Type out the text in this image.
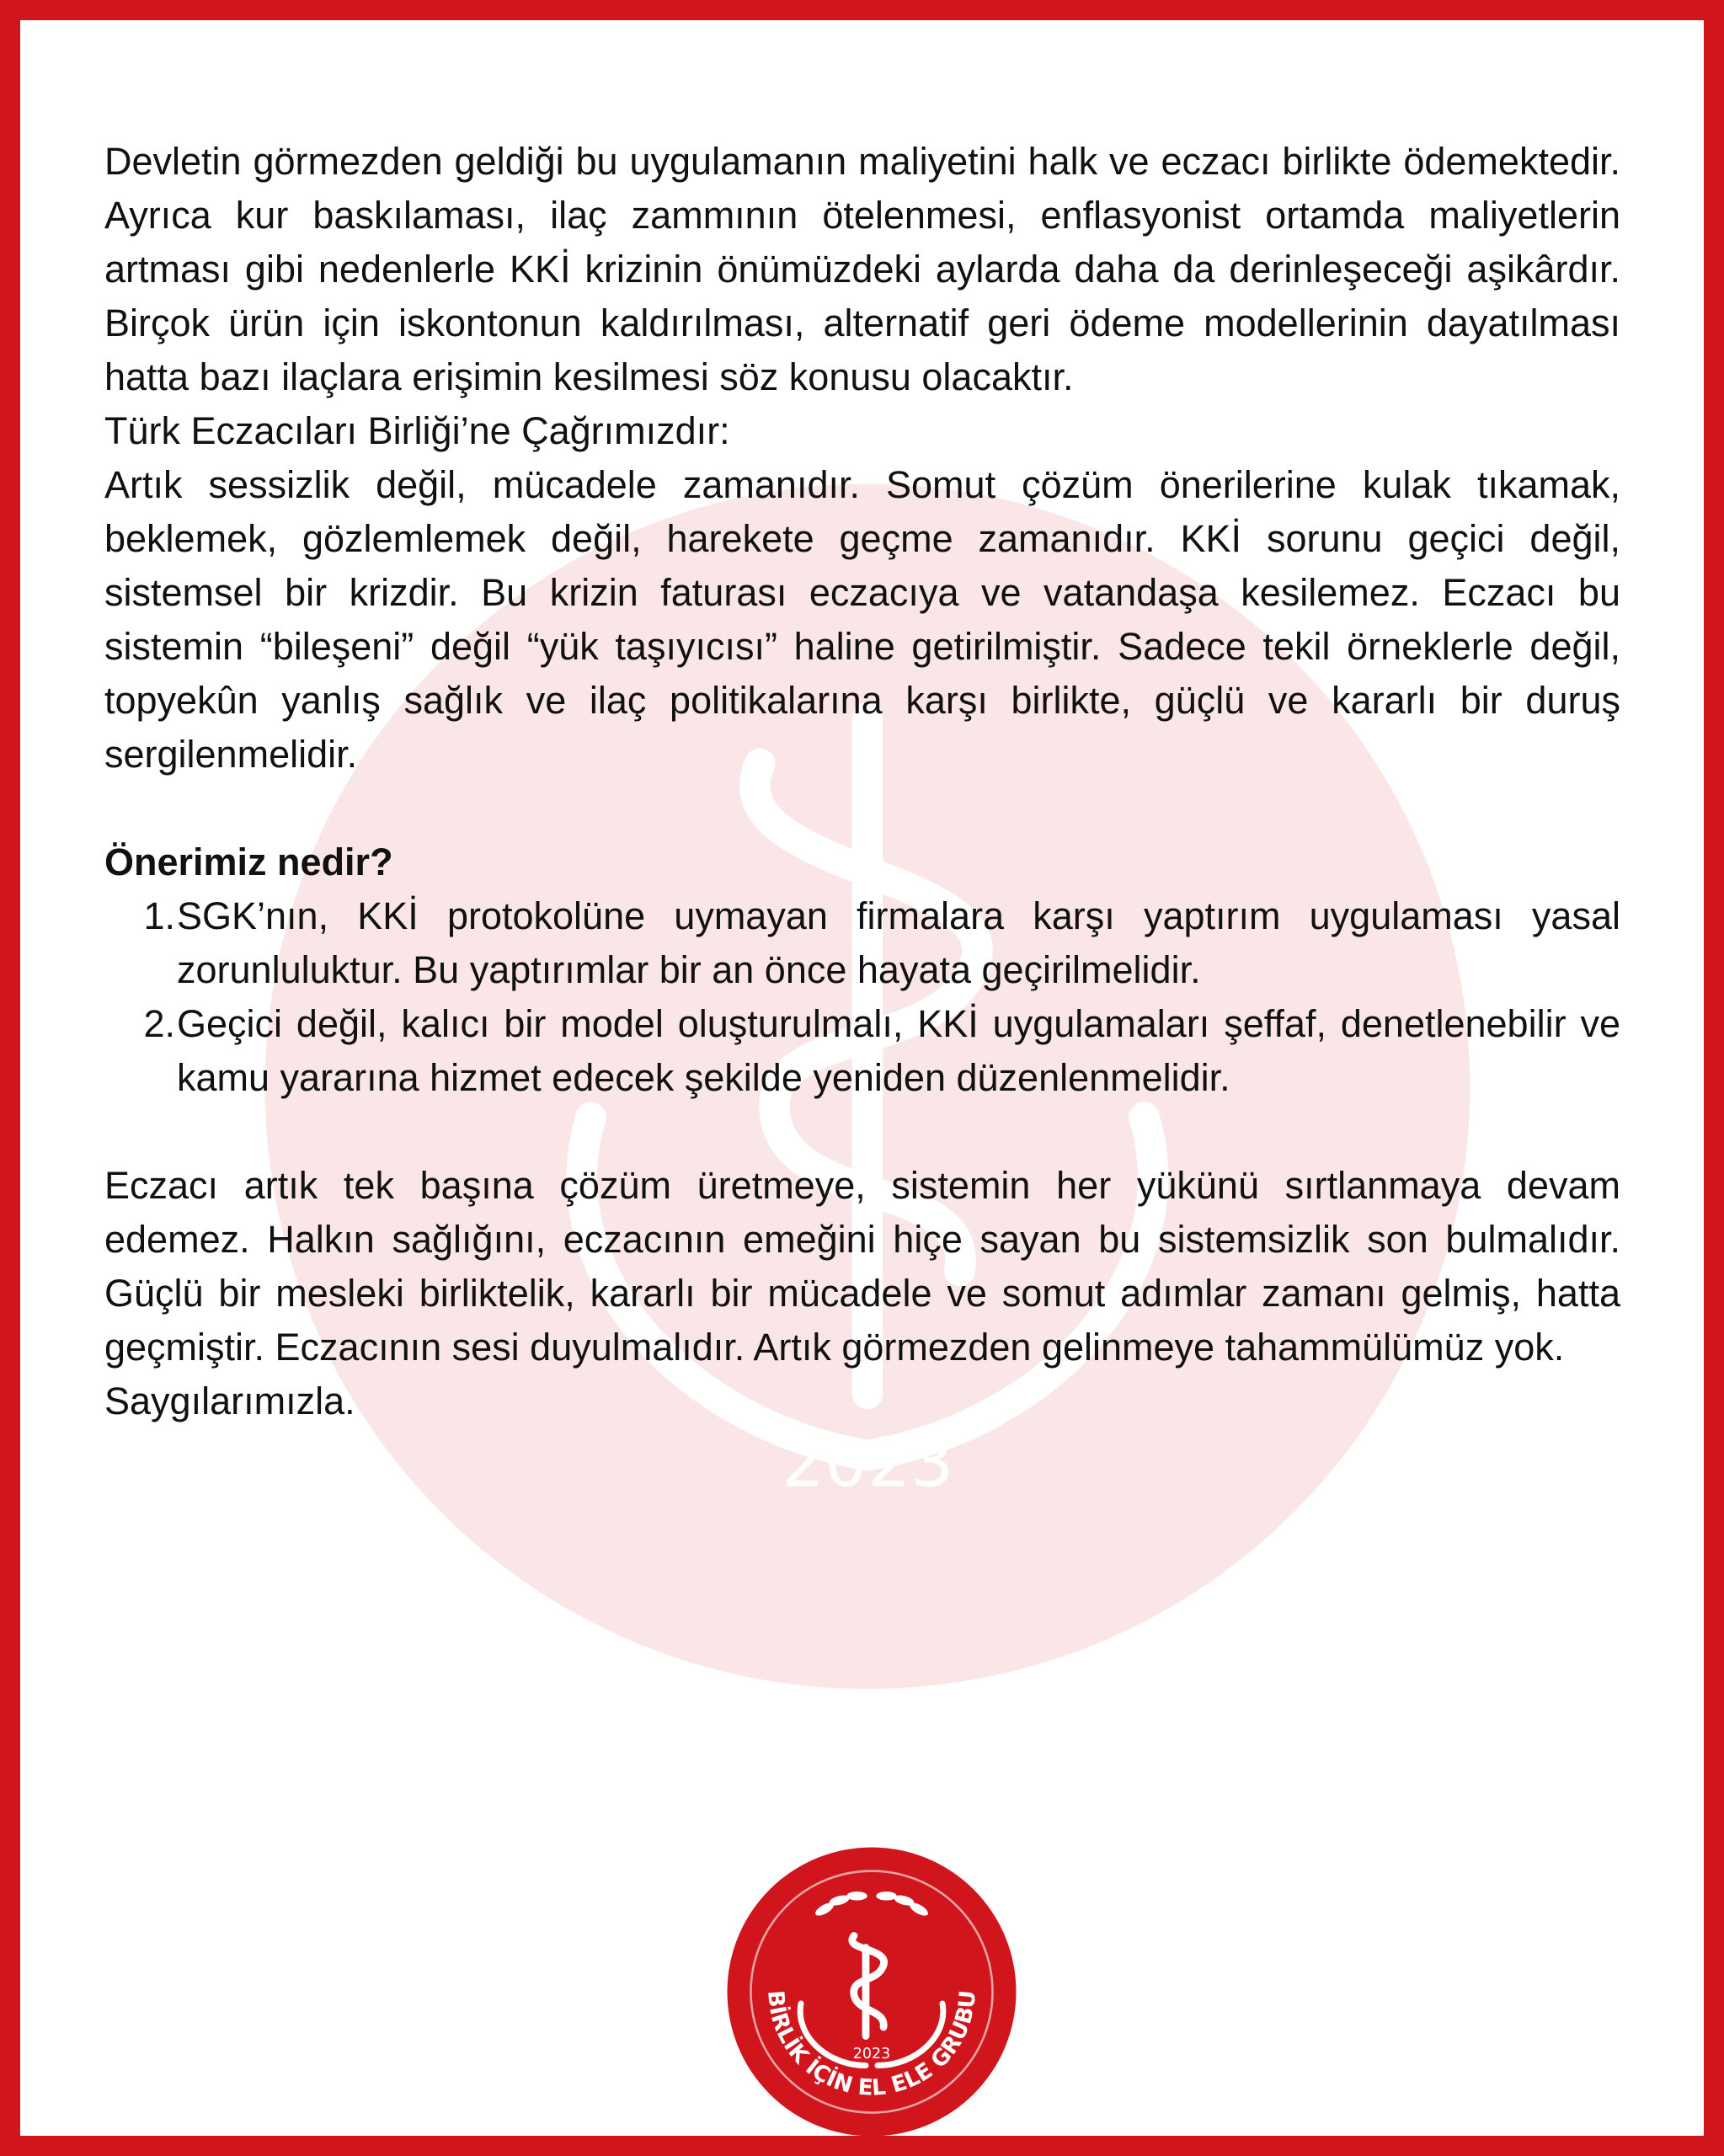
2023

Devletin görmezden geldiği bu uygulamanın maliyetini halk ve eczacı birlikte ödemektedir. Ayrıca kur baskılaması, ilaç zammının ötelenmesi, enflasyonist ortamda maliyetlerin artması gibi nedenlerle KKİ krizinin önümüzdeki aylarda daha da derinleşeceği aşikârdır. Birçok ürün için iskontonun kaldırılması, alternatif geri ödeme modellerinin dayatılması hatta bazı ilaçlara erişimin kesilmesi söz konusu olacaktır.

Türk Eczacıları Birliği’ne Çağrımızdır:

Artık sessizlik değil, mücadele zamanıdır. Somut çözüm önerilerine kulak tıkamak, beklemek, gözlemlemek değil, harekete geçme zamanıdır. KKİ sorunu geçici değil, sistemsel bir krizdir. Bu krizin faturası eczacıya ve vatandaşa kesilemez. Eczacı bu sistemin “bileşeni” değil “yük taşıyıcısı” haline getirilmiştir. Sadece tekil örneklerle değil, topyekûn yanlış sağlık ve ilaç politikalarına karşı birlikte, güçlü ve kararlı bir duruş sergilenmelidir.

Önerimiz nedir?
1. SGK’nın, KKİ protokolüne uymayan firmalara karşı yaptırım uygulaması yasal zorunluluktur. Bu yaptırımlar bir an önce hayata geçirilmelidir.
2. Geçici değil, kalıcı bir model oluşturulmalı, KKİ uygulamaları şeffaf, denetlenebilir ve kamu yararına hizmet edecek şekilde yeniden düzenlenmelidir.

Eczacı artık tek başına çözüm üretmeye, sistemin her yükünü sırtlanmaya devam edemez. Halkın sağlığını, eczacının emeğini hiçe sayan bu sistemsizlik son bulmalıdır. Güçlü bir mesleki birliktelik, kararlı bir mücadele ve somut adımlar zamanı gelmiş, hatta geçmiştir. Eczacının sesi duyulmalıdır. Artık görmezden gelinmeye tahammülümüz yok.

Saygılarımızla.

2023
BİRLİK İÇİN EL ELE GRUBU
